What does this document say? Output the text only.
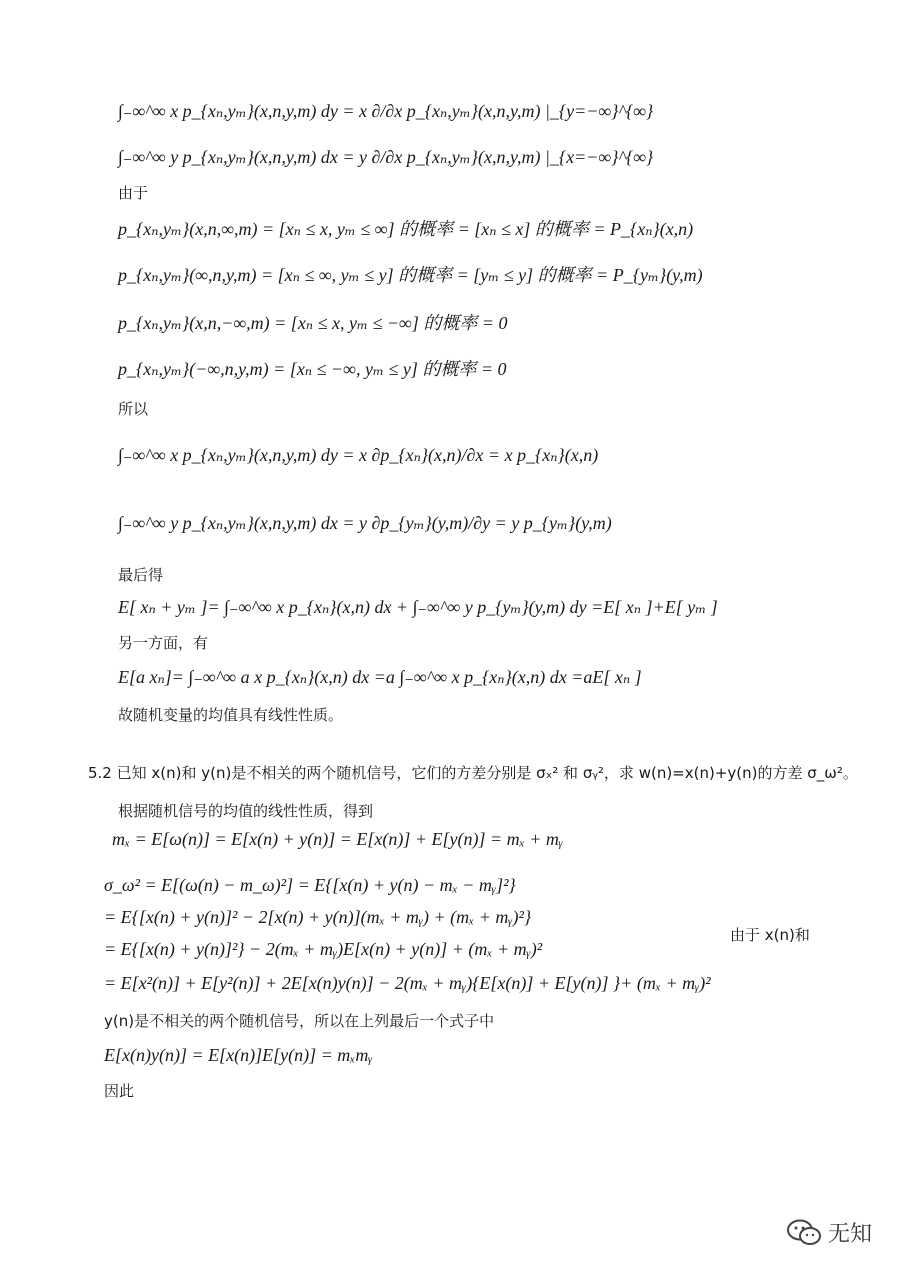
∫₋∞^∞ x p_{xₙ,yₘ}(x,n,y,m) dy = x ∂/∂x p_{xₙ,yₘ}(x,n,y,m) |_{y=−∞}^{∞}
∫₋∞^∞ y p_{xₙ,yₘ}(x,n,y,m) dx = y ∂/∂x p_{xₙ,yₘ}(x,n,y,m) |_{x=−∞}^{∞}
由于
p_{xₙ,yₘ}(x,n,∞,m) = [xₙ ≤ x, yₘ ≤ ∞] 的概率 = [xₙ ≤ x] 的概率 = P_{xₙ}(x,n)
p_{xₙ,yₘ}(∞,n,y,m) = [xₙ ≤ ∞, yₘ ≤ y] 的概率 = [yₘ ≤ y] 的概率 = P_{yₘ}(y,m)
p_{xₙ,yₘ}(x,n,−∞,m) = [xₙ ≤ x, yₘ ≤ −∞] 的概率 = 0
p_{xₙ,yₘ}(−∞,n,y,m) = [xₙ ≤ −∞, yₘ ≤ y] 的概率 = 0
所以
∫₋∞^∞ x p_{xₙ,yₘ}(x,n,y,m) dy = x ∂p_{xₙ}(x,n)/∂x = x p_{xₙ}(x,n)
∫₋∞^∞ y p_{xₙ,yₘ}(x,n,y,m) dx = y ∂p_{yₘ}(y,m)/∂y = y p_{yₘ}(y,m)
最后得
E[ xₙ + yₘ ]= ∫₋∞^∞ x p_{xₙ}(x,n) dx + ∫₋∞^∞ y p_{yₘ}(y,m) dy =E[ xₙ ]+E[ yₘ ]
另一方面，有
E[a xₙ]= ∫₋∞^∞ a x p_{xₙ}(x,n) dx =a ∫₋∞^∞ x p_{xₙ}(x,n) dx =aE[ xₙ ]
故随机变量的均值具有线性性质。
5.2 已知 x(n)和 y(n)是不相关的两个随机信号，它们的方差分别是 σₓ² 和 σᵧ²，求 w(n)=x(n)+y(n)的方差 σ_ω²。
根据随机信号的均值的线性性质，得到
mₓ = E[ω(n)] = E[x(n) + y(n)] = E[x(n)] + E[y(n)] = mₓ + mᵧ
σ_ω² = E[(ω(n) − m_ω)²] = E{[x(n) + y(n) − mₓ − mᵧ]²}
= E{[x(n) + y(n)]² − 2[x(n) + y(n)](mₓ + mᵧ) + (mₓ + mᵧ)²}
= E{[x(n) + y(n)]²} − 2(mₓ + mᵧ)E[x(n) + y(n)] + (mₓ + mᵧ)²
由于 x(n)和
= E[x²(n)] + E[y²(n)] + 2E[x(n)y(n)] − 2(mₓ + mᵧ){E[x(n)] + E[y(n)] }+ (mₓ + mᵧ)²
y(n)是不相关的两个随机信号，所以在上列最后一个式子中
E[x(n)y(n)] = E[x(n)]E[y(n)] = mₓmᵧ
因此
无知
